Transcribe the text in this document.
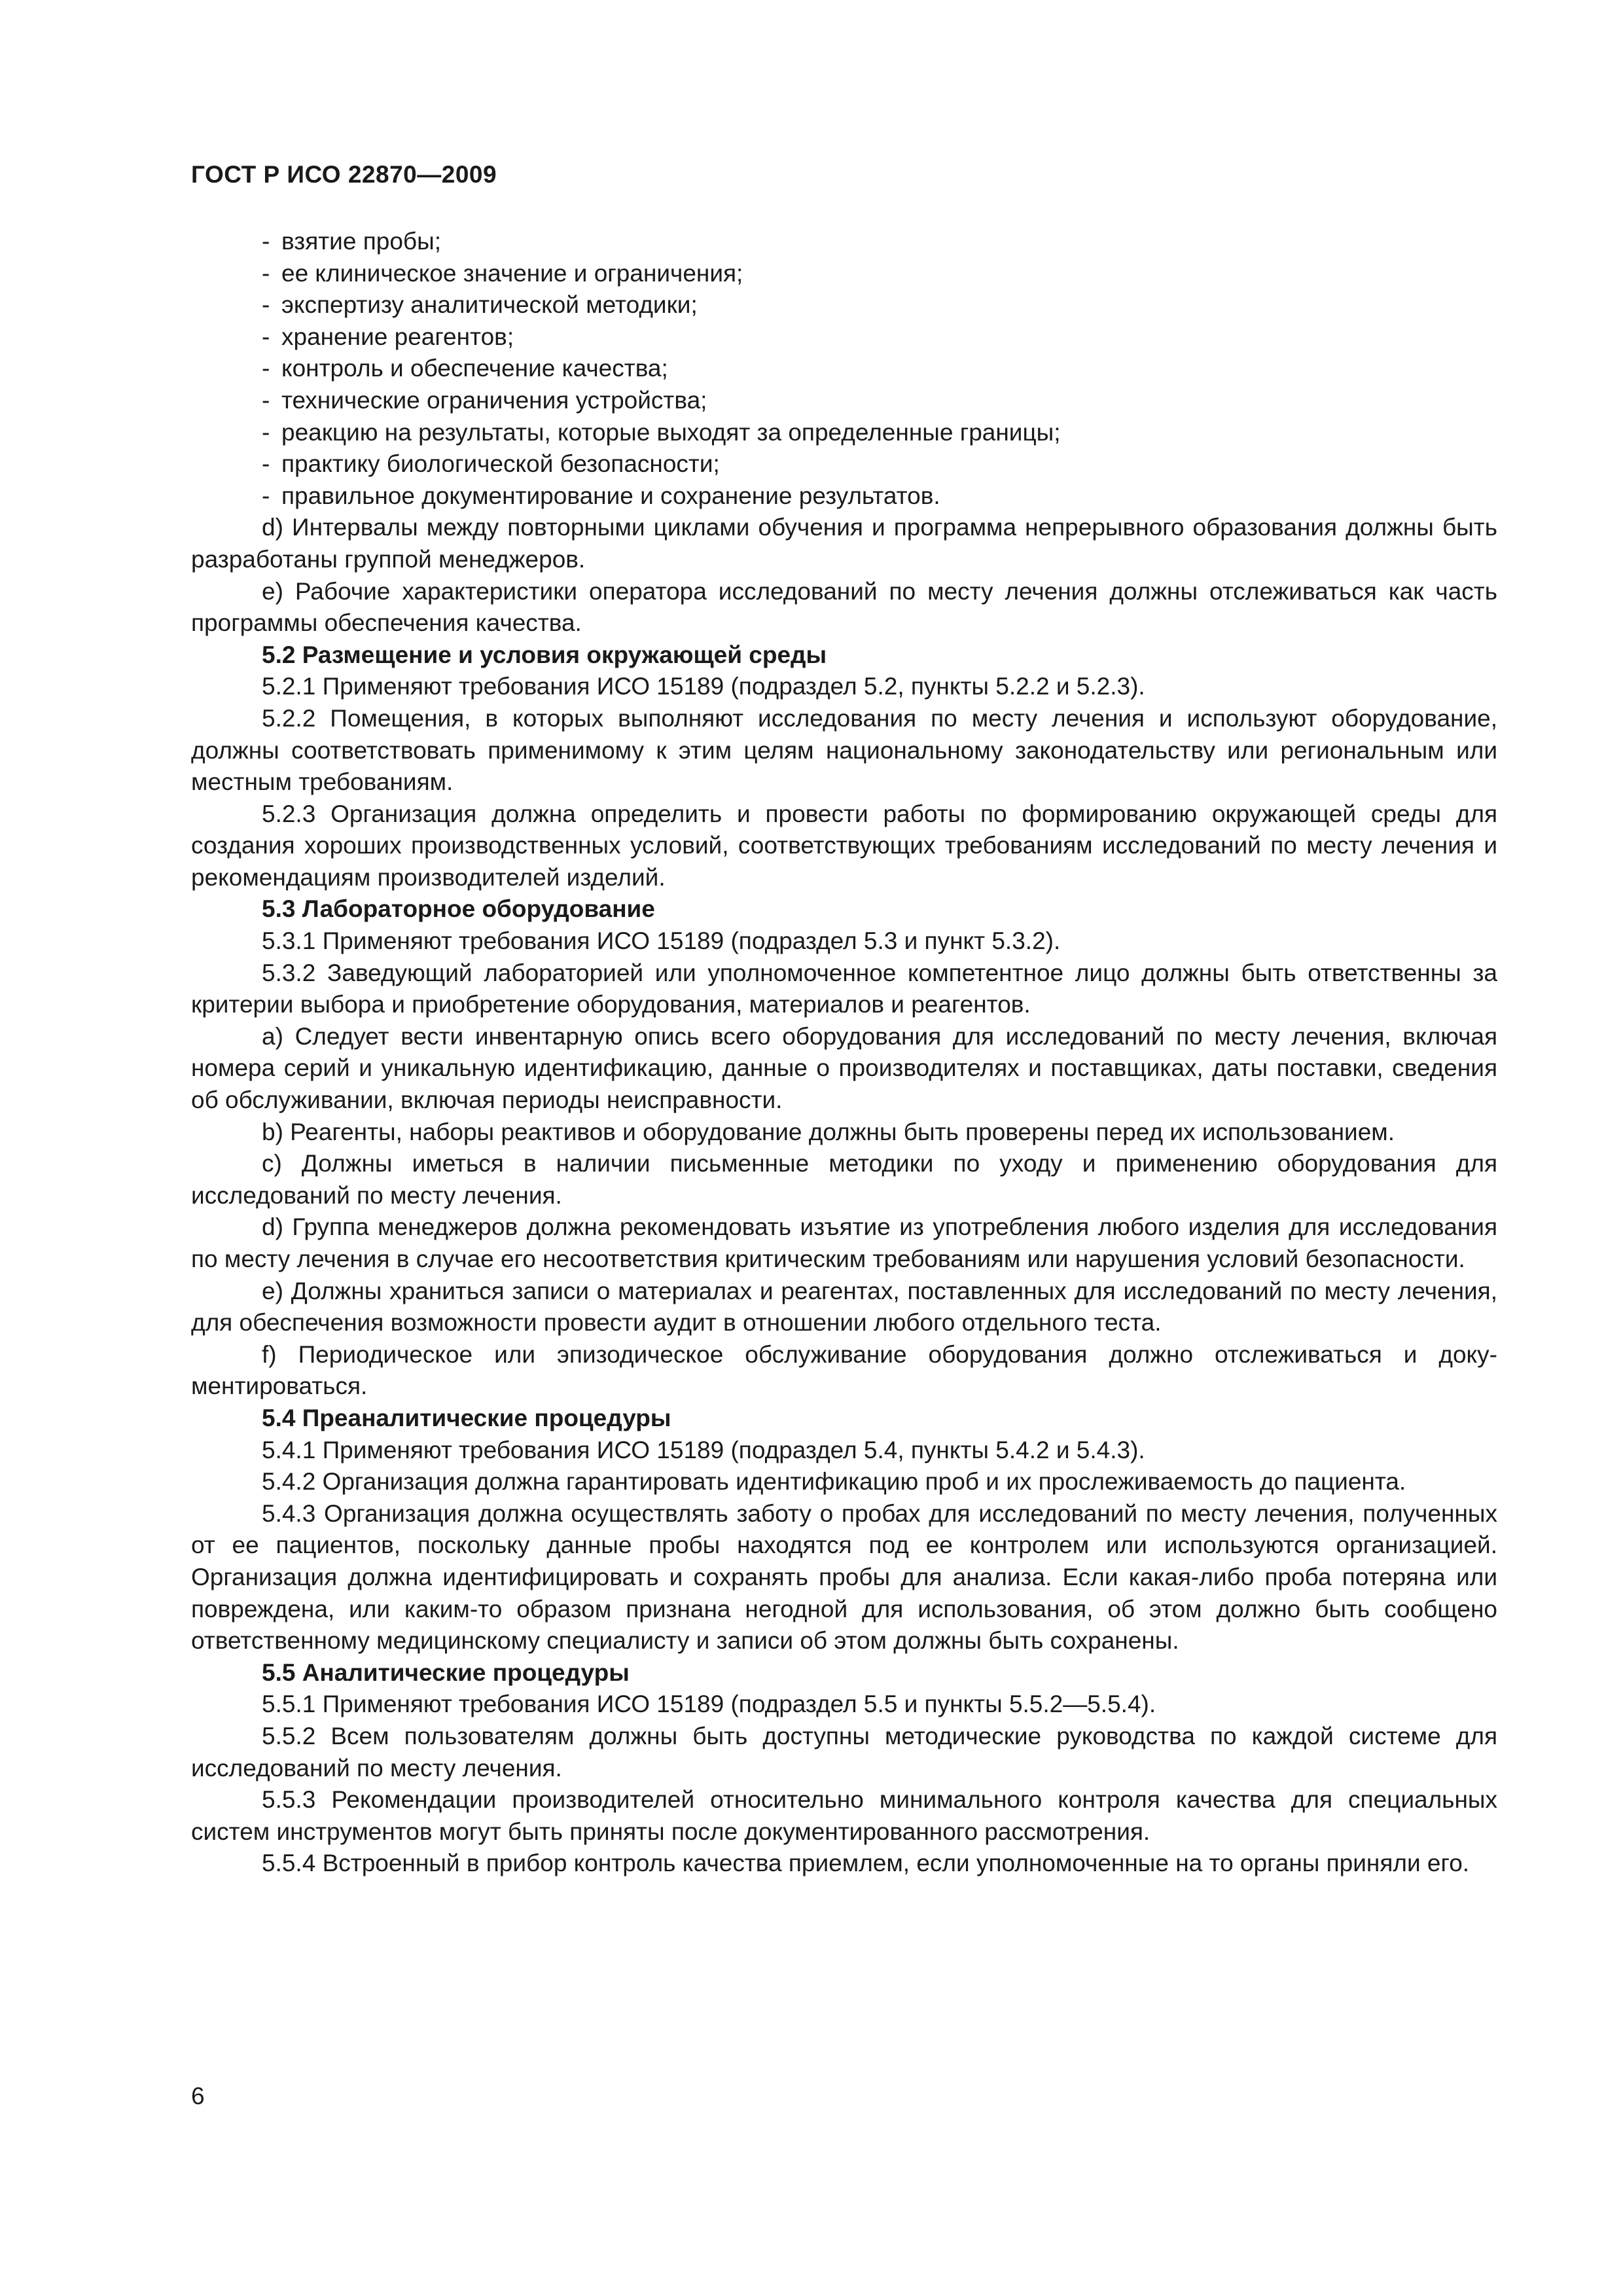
ГОСТ Р ИСО 22870—2009
- взятие пробы;
- ее клиническое значение и ограничения;
- экспертизу аналитической методики;
- хранение реагентов;
- контроль и обеспечение качества;
- технические ограничения устройства;
- реакцию на результаты, которые выходят за определенные границы;
- практику биологической безопасности;
- правильное документирование и сохранение результатов.

d) Интервалы между повторными циклами обучения и программа непрерывного образования должны быть разработаны группой менеджеров.

е) Рабочие характеристики оператора исследований по месту лечения должны отслеживаться как часть программы обеспечения качества.

5.2 Размещение и условия окружающей среды

5.2.1 Применяют требования ИСО 15189 (подраздел 5.2, пункты 5.2.2 и 5.2.3).

5.2.2 Помещения, в которых выполняют исследования по месту лечения и используют оборудование, должны соответствовать применимому к этим целям национальному законодательству или региональным или местным требованиям.

5.2.3 Организация должна определить и провести работы по формированию окружающей среды для создания хороших производственных условий, соответствующих требованиям исследований по месту лечения и рекомендациям производителей изделий.

5.3 Лабораторное оборудование

5.3.1 Применяют требования ИСО 15189 (подраздел 5.3 и пункт 5.3.2).

5.3.2 Заведующий лабораторией или уполномоченное компетентное лицо должны быть ответственны за критерии выбора и приобретение оборудования, материалов и реагентов.

а) Следует вести инвентарную опись всего оборудования для исследований по месту лечения, включая номера серий и уникальную идентификацию, данные о производителях и поставщиках, даты поставки, сведения об обслуживании, включая периоды неисправности.

b) Реагенты, наборы реактивов и оборудование должны быть проверены перед их использованием.

с) Должны иметься в наличии письменные методики по уходу и применению оборудования для исследований по месту лечения.

d) Группа менеджеров должна рекомендовать изъятие из употребления любого изделия для исследования по месту лечения в случае его несоответствия критическим требованиям или нарушения условий безопасности.

е) Должны храниться записи о материалах и реагентах, поставленных для исследований по месту лечения, для обеспечения возможности провести аудит в отношении любого отдельного теста.

f) Периодическое или эпизодическое обслуживание оборудования должно отслеживаться и документироваться.

5.4 Преаналитические процедуры

5.4.1 Применяют требования ИСО 15189 (подраздел 5.4, пункты 5.4.2 и 5.4.3).

5.4.2 Организация должна гарантировать идентификацию проб и их прослеживаемость до пациента.

5.4.3 Организация должна осуществлять заботу о пробах для исследований по месту лечения, полученных от ее пациентов, поскольку данные пробы находятся под ее контролем или используются организацией. Организация должна идентифицировать и сохранять пробы для анализа. Если какая-либо проба потеряна или повреждена, или каким-то образом признана негодной для использования, об этом должно быть сообщено ответственному медицинскому специалисту и записи об этом должны быть сохранены.

5.5 Аналитические процедуры

5.5.1 Применяют требования ИСО 15189 (подраздел 5.5 и пункты 5.5.2—5.5.4).

5.5.2 Всем пользователям должны быть доступны методические руководства по каждой системе для исследований по месту лечения.

5.5.3 Рекомендации производителей относительно минимального контроля качества для специальных систем инструментов могут быть приняты после документированного рассмотрения.

5.5.4 Встроенный в прибор контроль качества приемлем, если уполномоченные на то органы приняли его.

6
